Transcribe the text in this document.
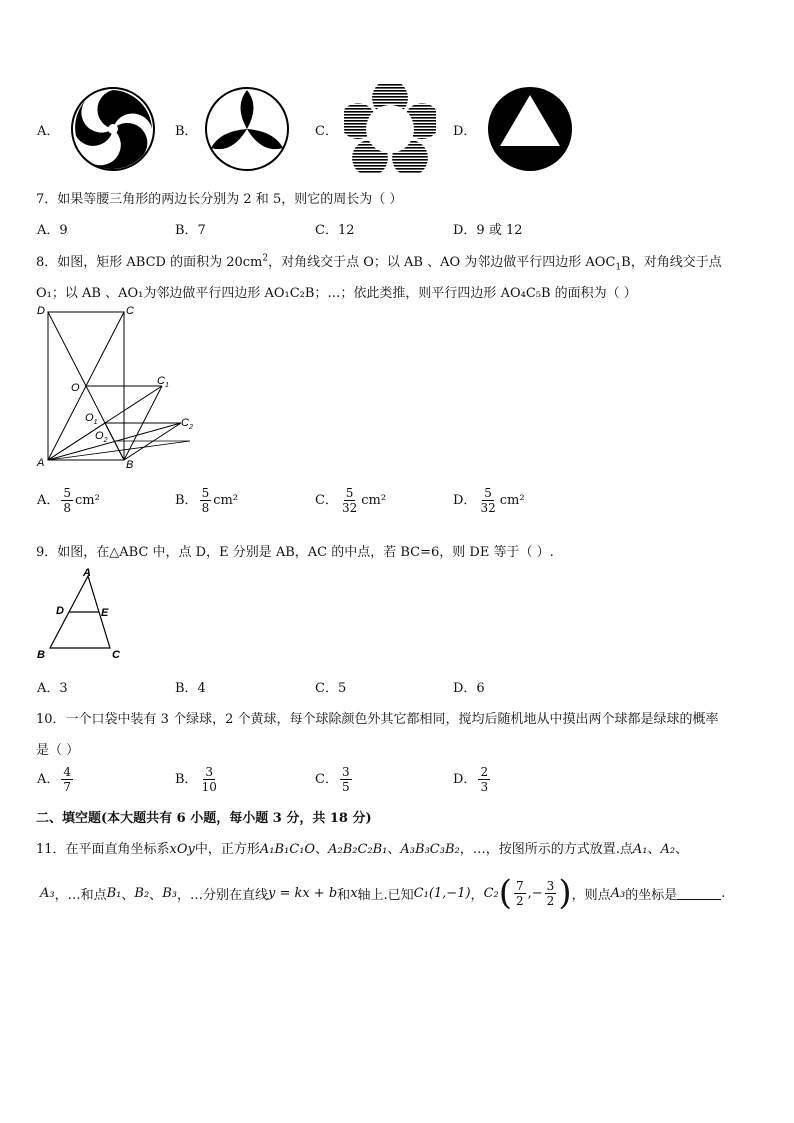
A．	B．	C．	D．
7．如果等腰三角形的两边长分别为 2 和 5，则它的周长为（ ）
A．9	B．7	C．12	D．9 或 12
8．如图，矩形 ABCD 的面积为 $20cm^2$，对角线交于点 O；以 AB 、AO 为邻边做平行四边形 $AOC_1B$，对角线交于点
O₁；以 AB 、AO₁为邻边做平行四边形 AO₁C₂B；…；依此类推，则平行四边形 AO₄C₅B 的面积为（ ）
D	C
O
$C_1$
$O_1$
$O_2$
$C_2$
A	B
A． $\frac{5}{8} cm^2$	B． $\frac{5}{8} cm^2$	C． $\frac{5}{32} cm^2$	D． $\frac{5}{32} cm^2$
9．如图，在△ABC 中，点 D，E 分别是 AB，AC 的中点，若 BC=6，则 DE 等于（ ）.
A
D	E
B	C
A．3	B．4	C．5	D．6
10．一个口袋中装有 3 个绿球，2 个黄球，每个球除颜色外其它都相同，搅均后随机地从中摸出两个球都是绿球的概率
是（ ）
A． $\frac{4}{7}$	B． $\frac{3}{10}$	C． $\frac{3}{5}$	D． $\frac{2}{3}$
二、填空题(本大题共有 6 小题，每小题 3 分，共 18 分)
11．在平面直角坐标系xOy中，正方形A₁B₁C₁O、A₂B₂C₂B₁、A₃B₃C₃B₂，…，按图所示的方式放置.点A₁、A₂、
A₃ ，…和点 B₁ 、 B₂ 、 B₃ ，…分别在直线 y = kx + b 和 x 轴上.已知 C₁(1,−1) ， C₂ ( $\frac{7}{2}$ ,− $\frac{3}{2}$ ) ，则点 A₃ 的坐标是	.
